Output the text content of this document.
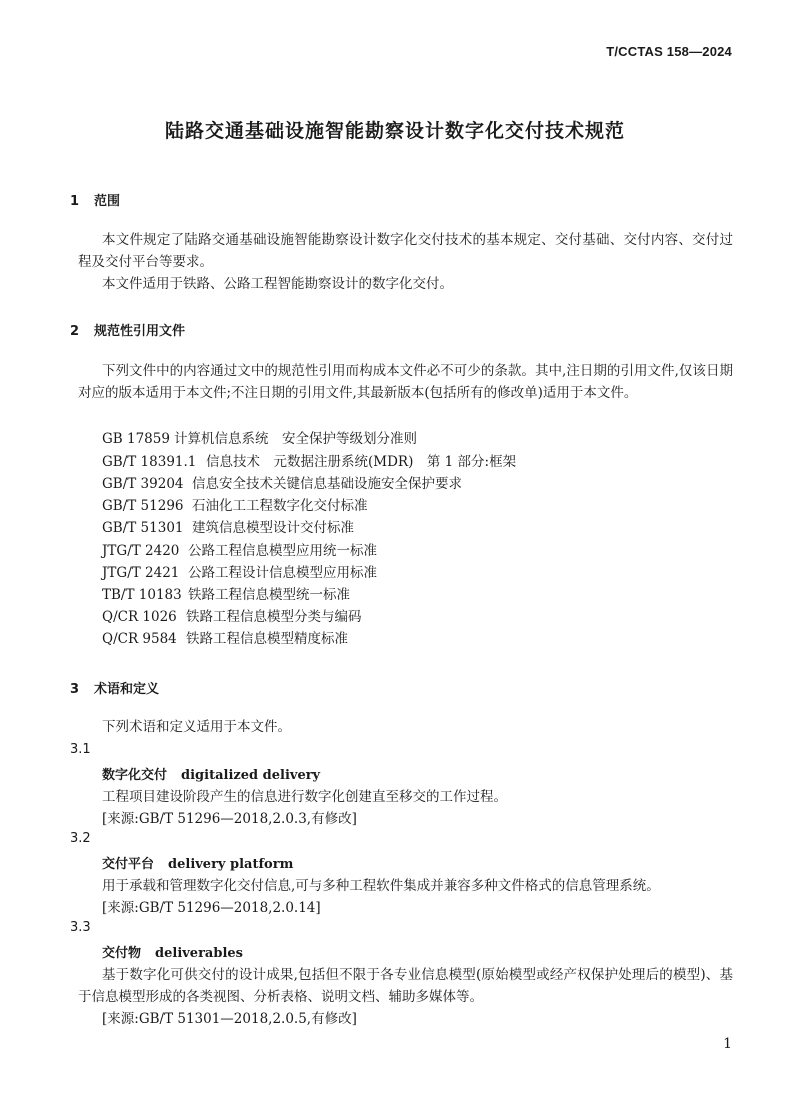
T/CCTAS 158—2024
陆路交通基础设施智能勘察设计数字化交付技术规范
1 范围
本文件规定了陆路交通基础设施智能勘察设计数字化交付技术的基本规定、交付基础、交付内容、交付过程及交付平台等要求。
本文件适用于铁路、公路工程智能勘察设计的数字化交付。
2 规范性引用文件
下列文件中的内容通过文中的规范性引用而构成本文件必不可少的条款。其中,注日期的引用文件,仅该日期对应的版本适用于本文件;不注日期的引用文件,其最新版本(包括所有的修改单)适用于本文件。
GB 17859 计算机信息系统　安全保护等级划分准则
GB/T 18391.1 信息技术　元数据注册系统(MDR)　第 1 部分:框架
GB/T 39204 信息安全技术关键信息基础设施安全保护要求
GB/T 51296 石油化工工程数字化交付标准
GB/T 51301 建筑信息模型设计交付标准
JTG/T 2420 公路工程信息模型应用统一标准
JTG/T 2421 公路工程设计信息模型应用标准
TB/T 10183 铁路工程信息模型统一标准
Q/CR 1026 铁路工程信息模型分类与编码
Q/CR 9584 铁路工程信息模型精度标准
3 术语和定义
下列术语和定义适用于本文件。
3.1
数字化交付 digitalized delivery
工程项目建设阶段产生的信息进行数字化创建直至移交的工作过程。
[来源:GB/T 51296—2018,2.0.3,有修改]
3.2
交付平台 delivery platform
用于承载和管理数字化交付信息,可与多种工程软件集成并兼容多种文件格式的信息管理系统。
[来源:GB/T 51296—2018,2.0.14]
3.3
交付物 deliverables
基于数字化可供交付的设计成果,包括但不限于各专业信息模型(原始模型或经产权保护处理后的模型)、基于信息模型形成的各类视图、分析表格、说明文档、辅助多媒体等。
[来源:GB/T 51301—2018,2.0.5,有修改]
1
